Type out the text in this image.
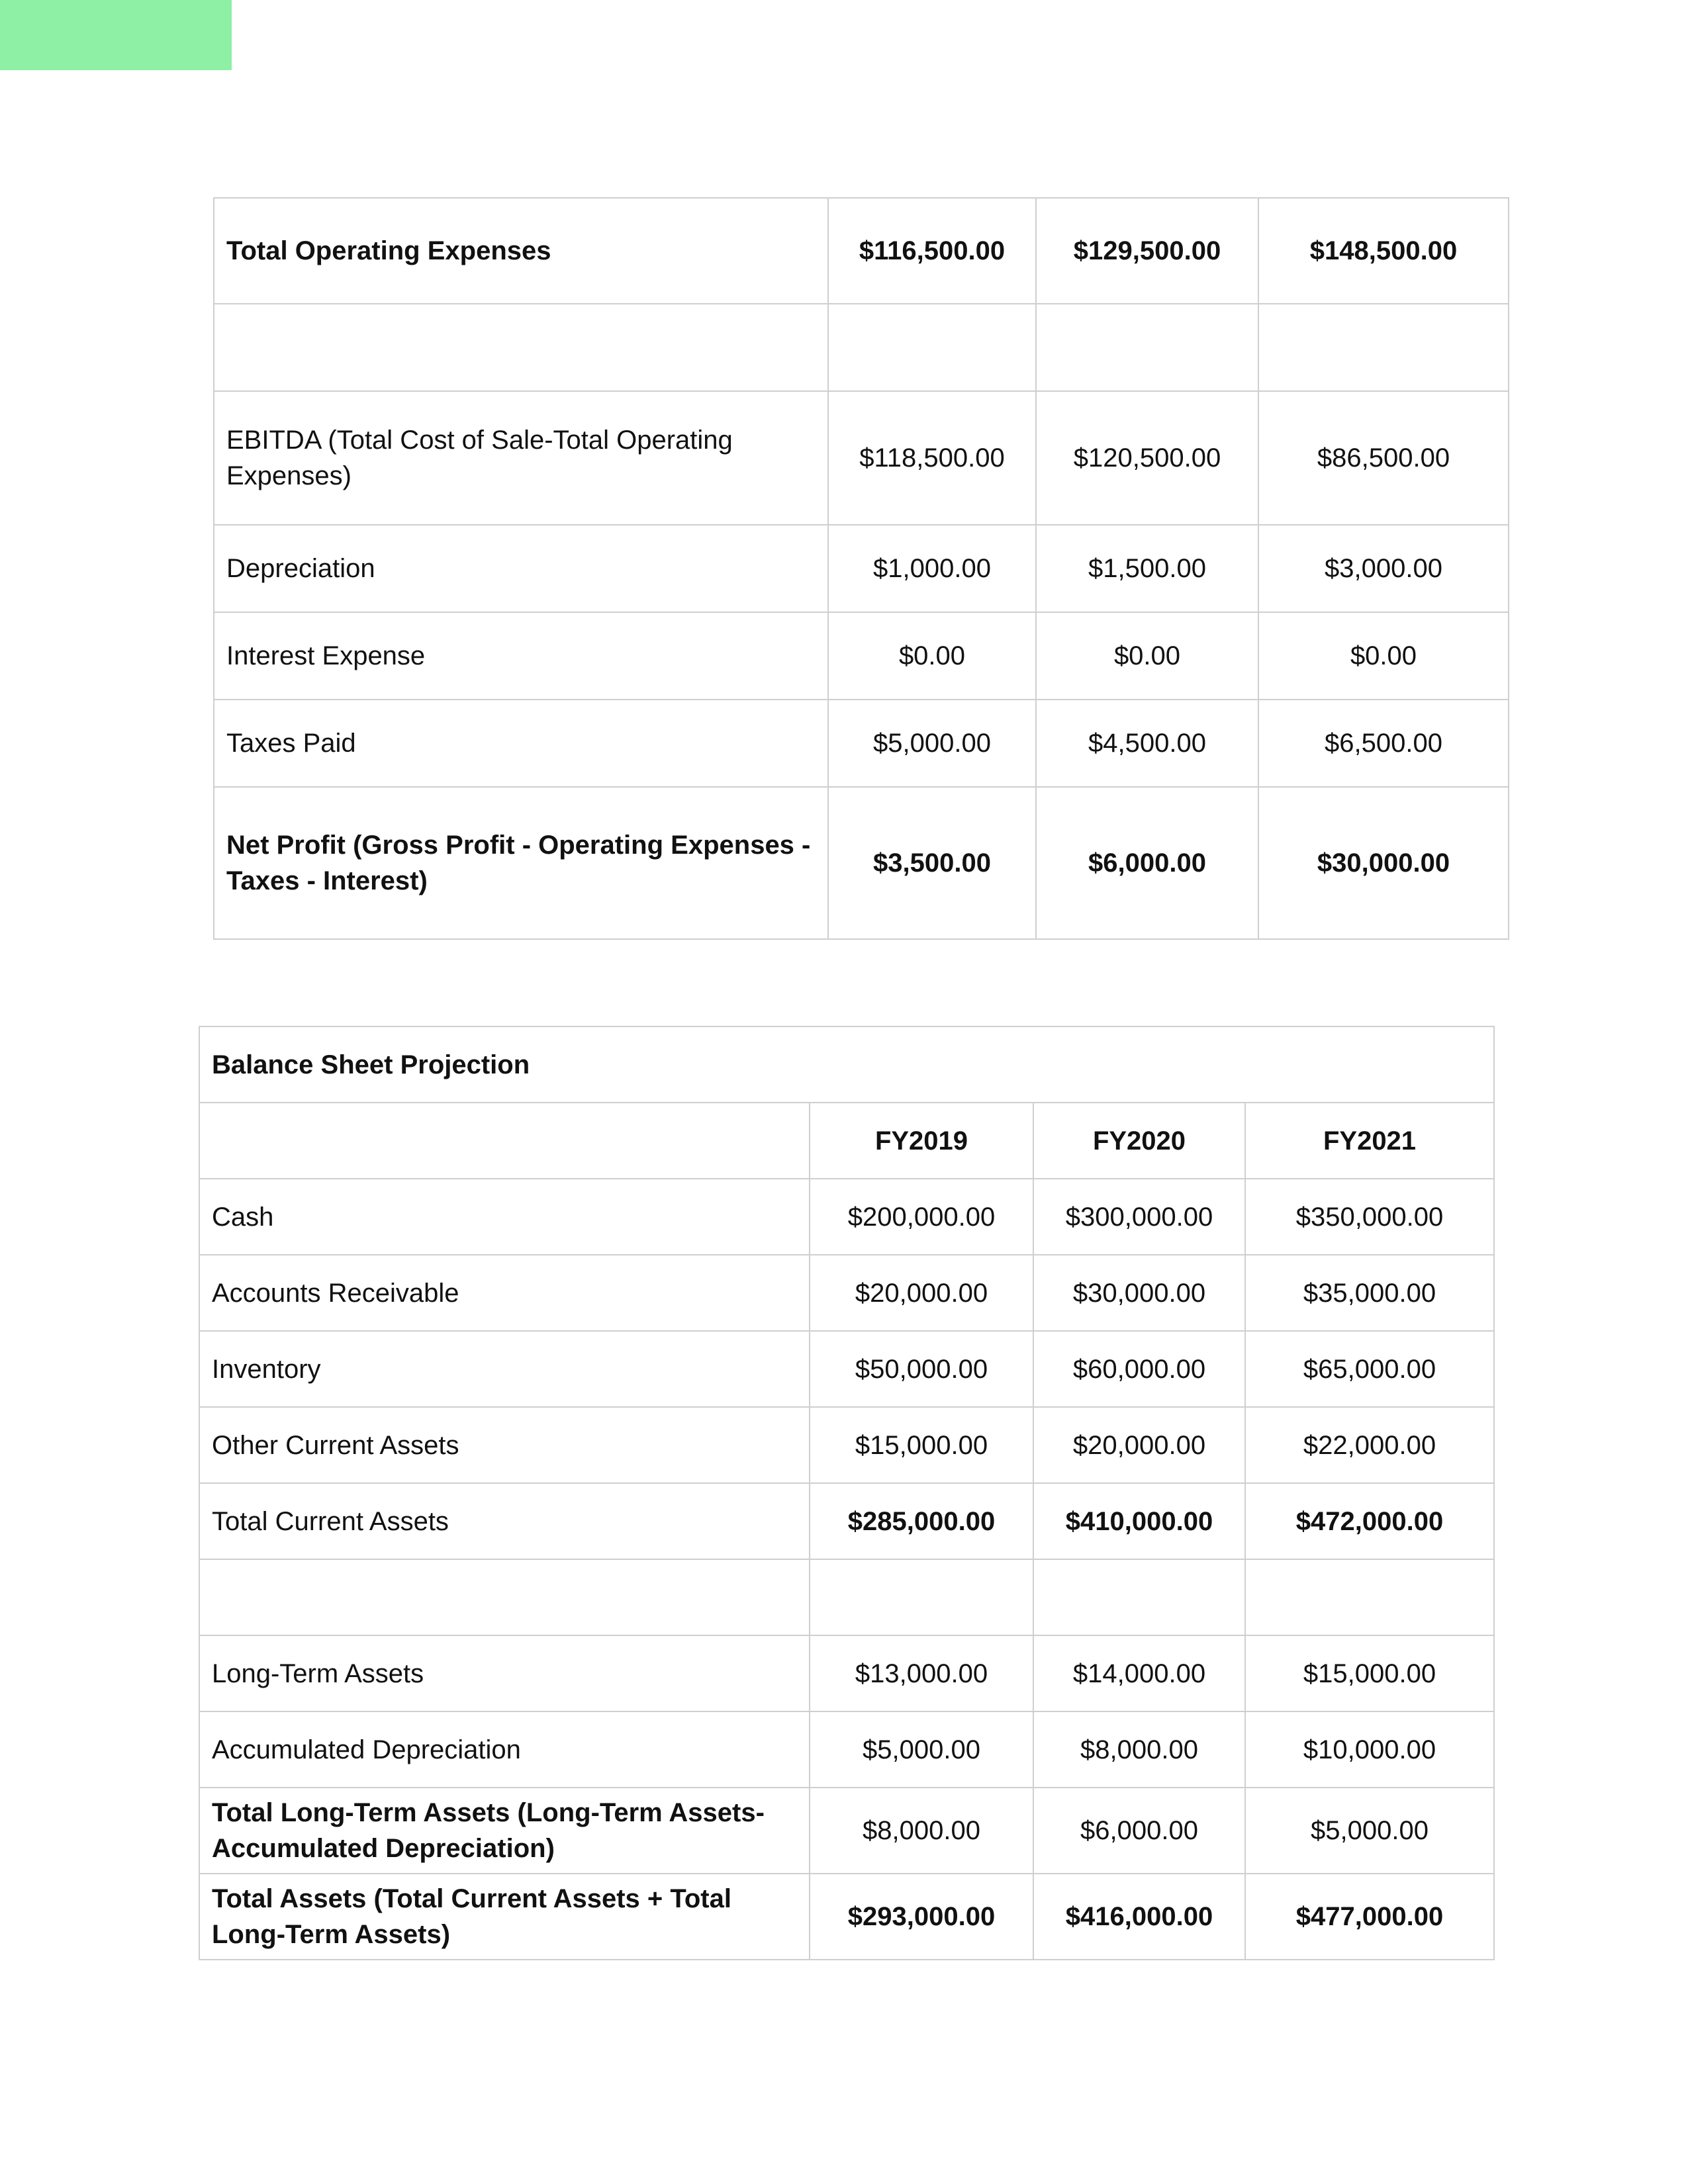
Total Operating Expenses	$116,500.00	$129,500.00	$148,500.00

EBITDA (Total Cost of Sale-Total Operating Expenses)	$118,500.00	$120,500.00	$86,500.00
Depreciation	$1,000.00	$1,500.00	$3,000.00
Interest Expense	$0.00	$0.00	$0.00
Taxes Paid	$5,000.00	$4,500.00	$6,500.00
Net Profit (Gross Profit - Operating Expenses - Taxes - Interest)	$3,500.00	$6,000.00	$30,000.00
Balance Sheet Projection			
	FY2019	FY2020	FY2021
Cash	$200,000.00	$300,000.00	$350,000.00
Accounts Receivable	$20,000.00	$30,000.00	$35,000.00
Inventory	$50,000.00	$60,000.00	$65,000.00
Other Current Assets	$15,000.00	$20,000.00	$22,000.00
Total Current Assets	$285,000.00	$410,000.00	$472,000.00

Long-Term Assets	$13,000.00	$14,000.00	$15,000.00
Accumulated Depreciation	$5,000.00	$8,000.00	$10,000.00
Total Long-Term Assets (Long-Term Assets-Accumulated Depreciation)	$8,000.00	$6,000.00	$5,000.00
Total Assets (Total Current Assets + Total Long-Term Assets)	$293,000.00	$416,000.00	$477,000.00
